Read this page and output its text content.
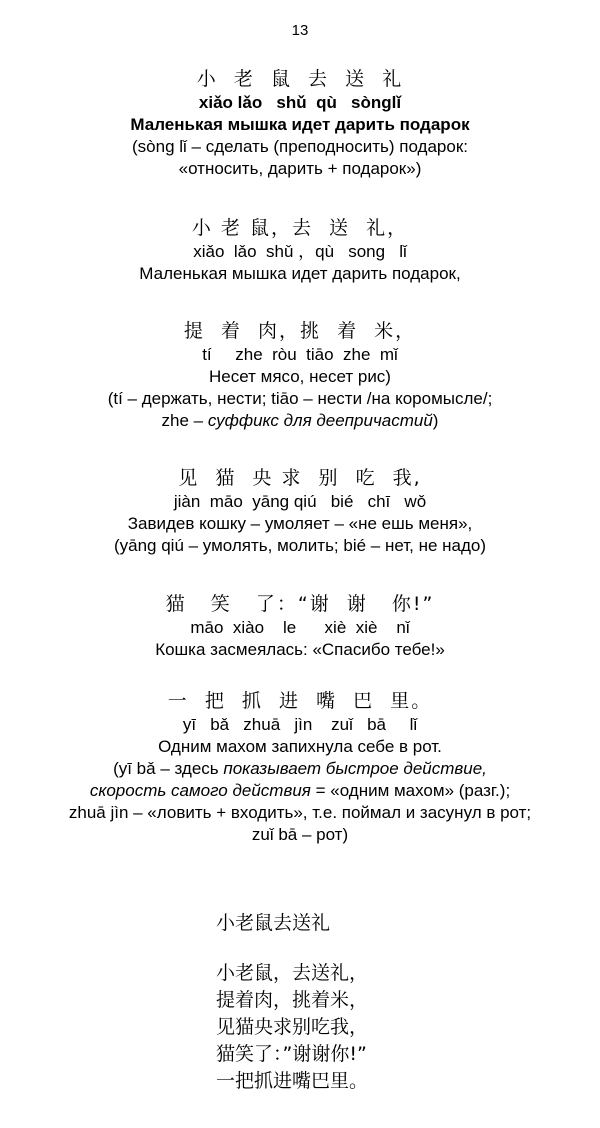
13
小  老  鼠  去  送  礼
xiǎo lǎo   shǔ  qù   sònglǐ
Маленькая мышка идет дарить подарок
(sòng lǐ – сделать (преподносить) подарок:
«относить, дарить + подарок»)
小 老 鼠，去  送  礼，
xiǎo  lǎo  shǔ ，qù   song   lǐ
Маленькая мышка идет дарить подарок,
提  着  肉，挑  着  米，
tí     zhe  ròu  tiāo  zhe  mǐ
Несет мясо, несет рис)
(tí – держать, нести; tiāo – нести /на коромысле/;
zhe – суффикс для деепричастий)
见  猫  央 求  别  吃  我,
jiàn  māo  yāng qiú   bié   chī   wǒ
Завидев кошку – умоляет – «не ешь меня»,
(yāng qiú – умолять, молить; bié – нет, не надо)
猫   笑   了：“谢  谢   你!”
māo  xiào    le      xiè  xiè    nǐ
Кошка засмеялась: «Спасибо тебе!»
一  把  抓  进  嘴  巴  里。
yī   bǎ   zhuā   jìn    zuǐ   bā     lǐ
Одним махом запихнула себе в рот.
(yī bǎ – здесь показывает быстрое действие,
скорость самого действия = «одним махом» (разг.);
zhuā jìn – «ловить + входить», т.е. поймал и засунул в рот;
zuǐ bā – рот)
小老鼠去送礼
小老鼠，去送礼，
提着肉，挑着米，
见猫央求别吃我，
猫笑了：”谢谢你!”
一把抓进嘴巴里。
